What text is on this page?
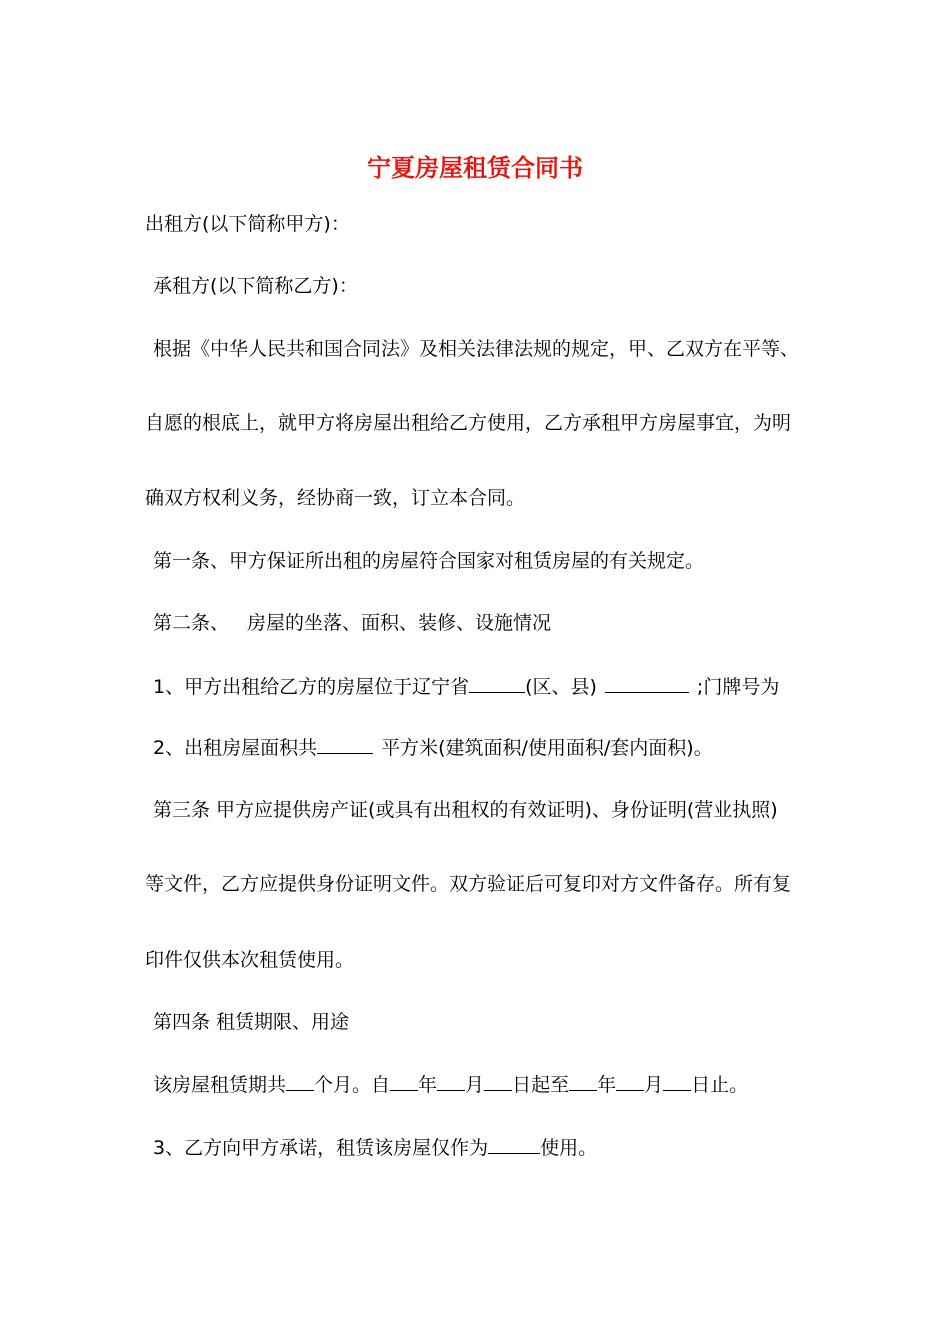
宁夏房屋租赁合同书
出租方(以下简称甲方)：
承租方(以下简称乙方)：
根据《中华人民共和国合同法》及相关法律法规的规定，甲、乙双方在平等、
自愿的根底上，就甲方将房屋出租给乙方使用，乙方承租甲方房屋事宜，为明
确双方权利义务，经协商一致，订立本合同。
第一条、甲方保证所出租的房屋符合国家对租赁房屋的有关规定。
第二条、 房屋的坐落、面积、装修、设施情况
1、甲方出租给乙方的房屋位于辽宁省	(区、县)	;门牌号为
2、出租房屋面积共	平方米(建筑面积/使用面积/套内面积)。
第三条 甲方应提供房产证(或具有出租权的有效证明)、身份证明(营业执照)
等文件，乙方应提供身份证明文件。双方验证后可复印对方文件备存。所有复
印件仅供本次租赁使用。
第四条 租赁期限、用途
该房屋租赁期共 个月。自 年 月 日起至 年 月 日止。
3、乙方向甲方承诺，租赁该房屋仅作为	使用。
